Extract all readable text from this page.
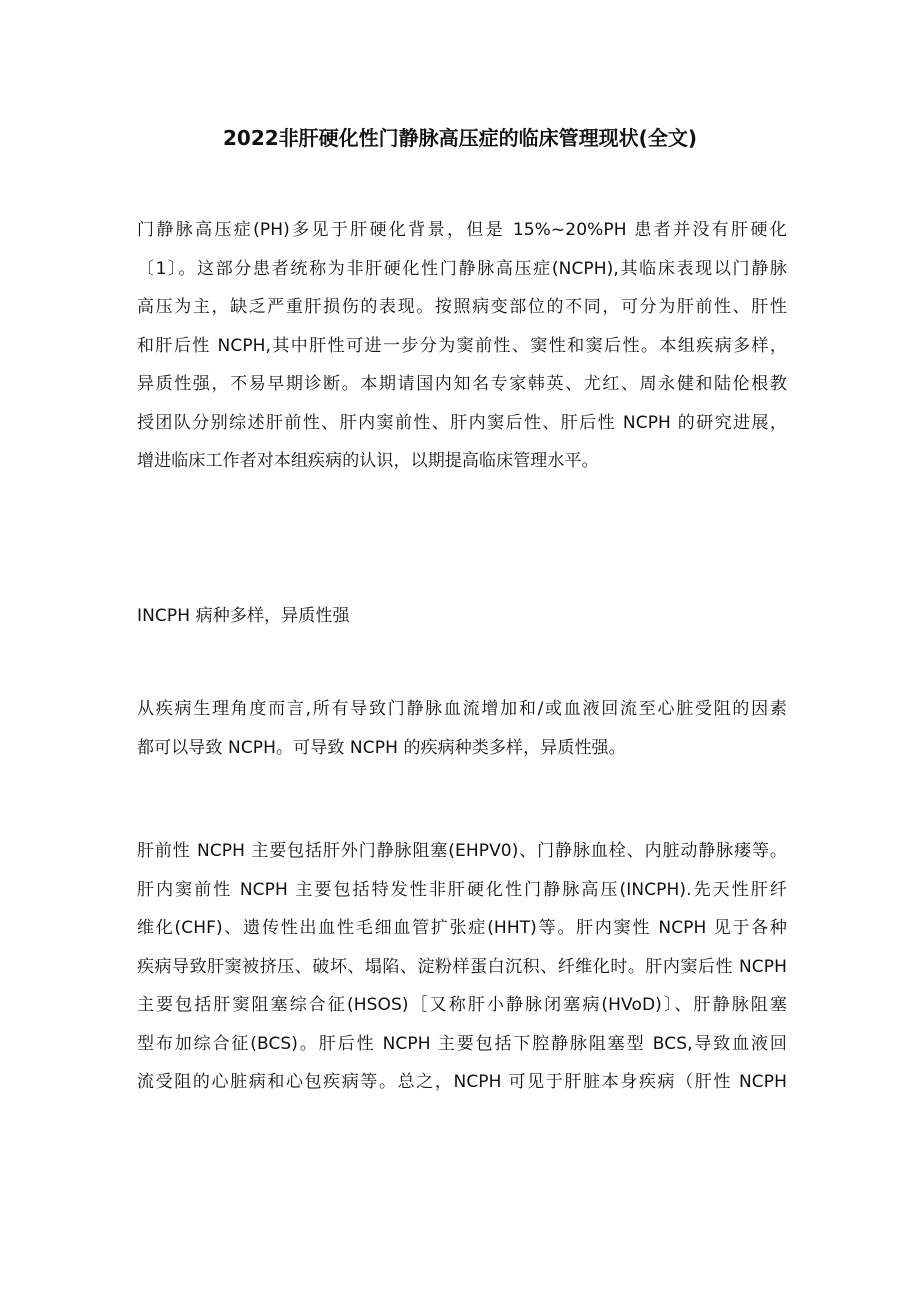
2022非肝硬化性门静脉高压症的临床管理现状(全文)
门静脉高压症(PH)多见于肝硬化背景，但是 15%~20%PH 患者并没有肝硬化
〔1〕。这部分患者统称为非肝硬化性门静脉高压症(NCPH),其临床表现以门静脉
高压为主，缺乏严重肝损伤的表现。按照病变部位的不同，可分为肝前性、肝性
和肝后性 NCPH,其中肝性可进一步分为窦前性、窦性和窦后性。本组疾病多样，
异质性强，不易早期诊断。本期请国内知名专家韩英、尤红、周永健和陆伦根教
授团队分别综述肝前性、肝内窦前性、肝内窦后性、肝后性 NCPH 的研究进展，
增进临床工作者对本组疾病的认识，以期提高临床管理水平。
INCPH 病种多样，异质性强
从疾病生理角度而言,所有导致门静脉血流增加和/或血液回流至心脏受阻的因素
都可以导致 NCPH。可导致 NCPH 的疾病种类多样，异质性强。
肝前性 NCPH 主要包括肝外门静脉阻塞(EHPV0)、门静脉血栓、内脏动静脉瘘等。
肝内窦前性 NCPH 主要包括特发性非肝硬化性门静脉高压(INCPH).先天性肝纤
维化(CHF)、遗传性出血性毛细血管扩张症(HHT)等。肝内窦性 NCPH 见于各种
疾病导致肝窦被挤压、破坏、塌陷、淀粉样蛋白沉积、纤维化时。肝内窦后性 NCPH
主要包括肝窦阻塞综合征(HSOS)［又称肝小静脉闭塞病(HVoD)〕、肝静脉阻塞
型布加综合征(BCS)。肝后性 NCPH 主要包括下腔静脉阻塞型 BCS,导致血液回
流受阻的心脏病和心包疾病等。总之，NCPH 可见于肝脏本身疾病（肝性 NCPH
